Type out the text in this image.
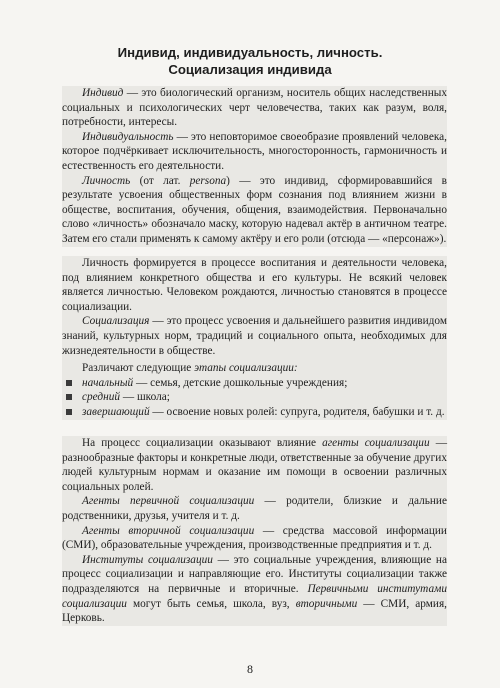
Индивид, индивидуальность, личность.
Социализация индивида

Индивид — это биологический организм, носитель общих наследственных социальных и психологических черт человечества, таких как разум, воля, потребности, интересы.

Индивидуальность — это неповторимое своеобразие проявлений человека, которое подчёркивает исключительность, многосторонность, гармоничность и естественность его деятельности.

Личность (от лат. persona) — это индивид, сформировавшийся в результате усвоения общественных форм сознания под влиянием жизни в обществе, воспитания, обучения, общения, взаимодействия. Первоначально слово «личность» обозначало маску, которую надевал актёр в античном театре. Затем его стали применять к самому актёру и его роли (отсюда — «персонаж»).

Личность формируется в процессе воспитания и деятельности человека, под влиянием конкретного общества и его культуры. Не всякий человек является личностью. Человеком рождаются, личностью становятся в процессе социализации.

Социализация — это процесс усвоения и дальнейшего развития индивидом знаний, культурных норм, традиций и социального опыта, необходимых для жизнедеятельности в обществе.

Различают следующие этапы социализации:

начальный — семья, детские дошкольные учреждения;
средний — школа;
завершающий — освоение новых ролей: супруга, родителя, бабушки и т. д.

На процесс социализации оказывают влияние агенты социализации — разнообразные факторы и конкретные люди, ответственные за обучение других людей культурным нормам и оказание им помощи в освоении различных социальных ролей.

Агенты первичной социализации — родители, близкие и дальние родственники, друзья, учителя и т. д.

Агенты вторичной социализации — средства массовой информации (СМИ), образовательные учреждения, производственные предприятия и т. д.

Институты социализации — это социальные учреждения, влияющие на процесс социализации и направляющие его. Институты социализации также подразделяются на первичные и вторичные. Первичными институтами социализации могут быть семья, школа, вуз, вторичными — СМИ, армия, Церковь.

8
